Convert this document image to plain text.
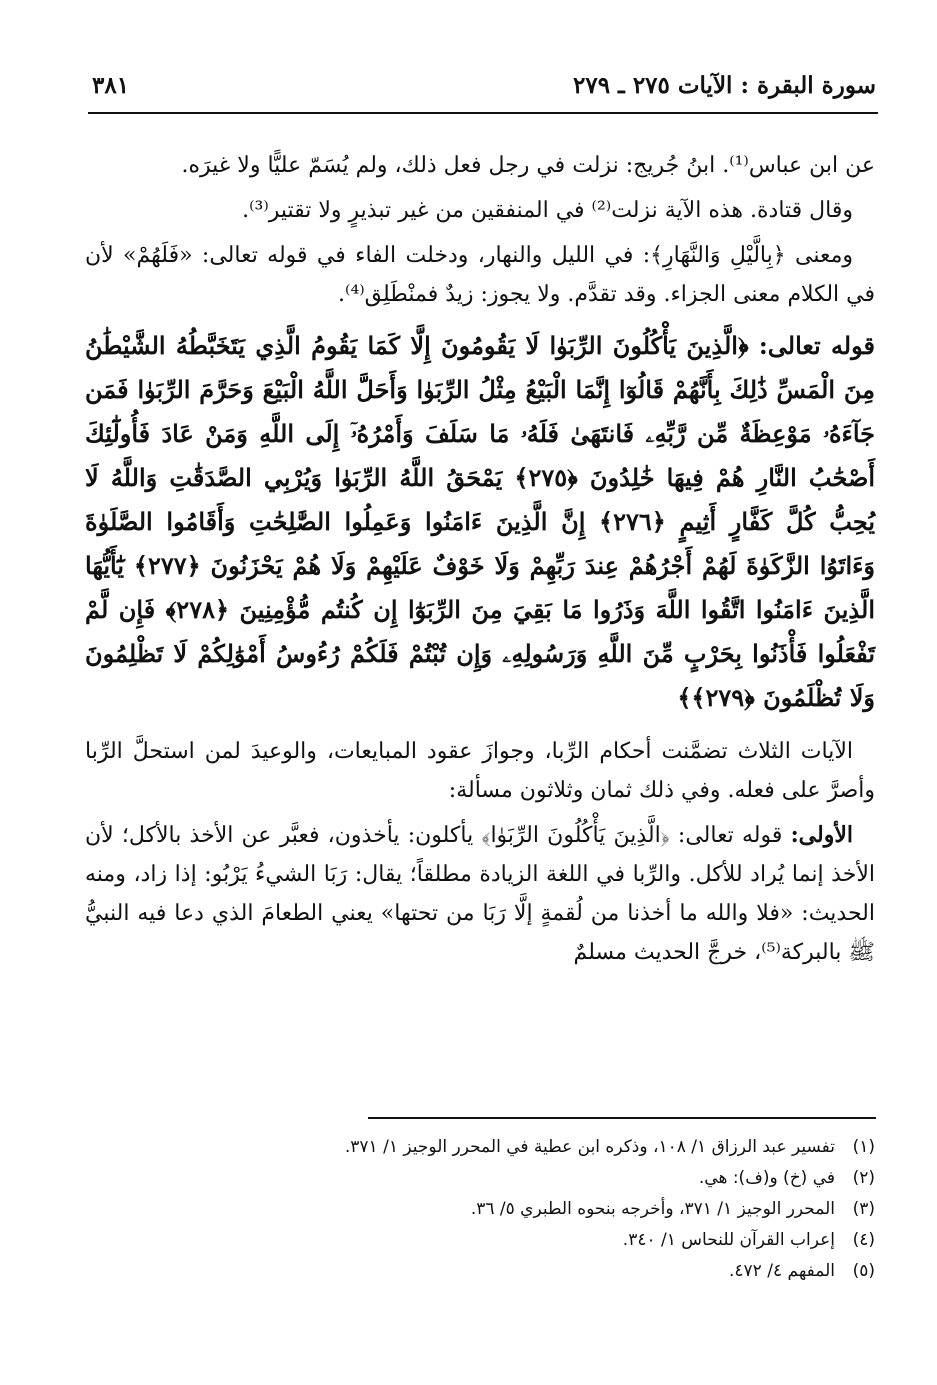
سورة البقرة : الآيات ٢٧٥ ـ ٢٧٩
٣٨١

عن ابن عباس⁽¹⁾. ابنُ جُريج: نزلت في رجل فعل ذلك، ولم يُسَمّ عليًّا ولا غيرَه.

وقال قتادة. هذه الآية نزلت⁽²⁾ في المنفقين من غير تبذيرٍ ولا تقتير⁽³⁾.

ومعنى ﴿بِالَّيْلِ وَالنَّهَارِ﴾: في الليل والنهار، ودخلت الفاء في قوله تعالى: «فَلَهُمْ» لأن في الكلام معنى الجزاء. وقد تقدَّم. ولا يجوز: زيدٌ فمنْطَلِق⁽⁴⁾.

قوله تعالى: ﴿الَّذِينَ يَأْكُلُونَ الرِّبَوٰا لَا يَقُومُونَ إِلَّا كَمَا يَقُومُ الَّذِي يَتَخَبَّطُهُ الشَّيْطَٰنُ مِنَ الْمَسِّ ذَٰلِكَ بِأَنَّهُمْ قَالُوٓا إِنَّمَا الْبَيْعُ مِثْلُ الرِّبَوٰا وَأَحَلَّ اللَّهُ الْبَيْعَ وَحَرَّمَ الرِّبَوٰا فَمَن جَآءَهُۥ مَوْعِظَةٌ مِّن رَّبِّهِۦ فَانتَهَىٰ فَلَهُۥ مَا سَلَفَ وَأَمْرُهُۥٓ إِلَى اللَّهِ وَمَنْ عَادَ فَأُولَٰٓئِكَ أَصْحَٰبُ النَّارِ هُمْ فِيهَا خَٰلِدُونَ ﴿٢٧٥﴾ يَمْحَقُ اللَّهُ الرِّبَوٰا وَيُرْبِي الصَّدَقَٰتِ وَاللَّهُ لَا يُحِبُّ كُلَّ كَفَّارٍ أَثِيمٍ ﴿٢٧٦﴾ إِنَّ الَّذِينَ ءَامَنُوا وَعَمِلُوا الصَّٰلِحَٰتِ وَأَقَامُوا الصَّلَوٰةَ وَءَاتَوُا الزَّكَوٰةَ لَهُمْ أَجْرُهُمْ عِندَ رَبِّهِمْ وَلَا خَوْفٌ عَلَيْهِمْ وَلَا هُمْ يَحْزَنُونَ ﴿٢٧٧﴾ يَٰٓأَيُّهَا الَّذِينَ ءَامَنُوا اتَّقُوا اللَّهَ وَذَرُوا مَا بَقِيَ مِنَ الرِّبَوٰٓا إِن كُنتُم مُّؤْمِنِينَ ﴿٢٧٨﴾ فَإِن لَّمْ تَفْعَلُوا فَأْذَنُوا بِحَرْبٍ مِّنَ اللَّهِ وَرَسُولِهِۦ وَإِن تُبْتُمْ فَلَكُمْ رُءُوسُ أَمْوَٰلِكُمْ لَا تَظْلِمُونَ وَلَا تُظْلَمُونَ ﴿٢٧٩﴾﴾

الآيات الثلاث تضمَّنت أحكام الرِّبا، وجوازَ عقود المبايعات، والوعيدَ لمن استحلَّ الرِّبا وأصرَّ على فعله. وفي ذلك ثمان وثلاثون مسألة:

الأولى: قوله تعالى: ﴿الَّذِينَ يَأْكُلُونَ الرِّبَوٰا﴾ يأكلون: يأخذون، فعبَّر عن الأخذ بالأكل؛ لأن الأخذ إنما يُراد للأكل. والرِّبا في اللغة الزيادة مطلقاً؛ يقال: رَبَا الشيءُ يَرْبُو: إذا زاد، ومنه الحديث: «فلا والله ما أخذنا من لُقمةٍ إلَّا رَبَا من تحتها» يعني الطعامَ الذي دعا فيه النبيُّ ﷺ بالبركة⁽⁵⁾، خرجَّ الحديث مسلمٌ

(١)تفسير عبد الرزاق ١/ ١٠٨، وذكره ابن عطية في المحرر الوجيز ١/ ٣٧١.
(٢)في (خ) و(ف): هي.
(٣)المحرر الوجيز ١/ ٣٧١، وأخرجه بنحوه الطبري ٥/ ٣٦.
(٤)إعراب القرآن للنحاس ١/ ٣٤٠.
(٥)المفهم ٤/ ٤٧٢.
